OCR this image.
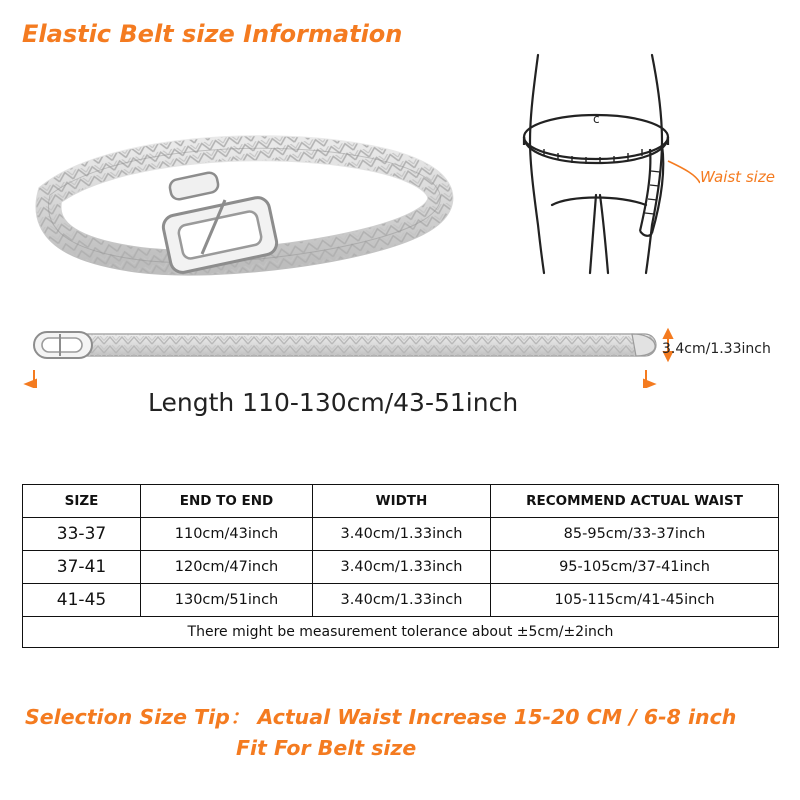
Elastic Belt size Information
c
Waist size
3.4cm/1.33inch
Length 110-130cm/43-51inch
SIZE	END TO END	WIDTH	RECOMMEND ACTUAL WAIST
33-37	110cm/43inch	3.40cm/1.33inch	85-95cm/33-37inch
37-41	120cm/47inch	3.40cm/1.33inch	95-105cm/37-41inch
41-45	130cm/51inch	3.40cm/1.33inch	105-115cm/41-45inch
There might be measurement tolerance about ±5cm/±2inch			
Selection Size Tip： Actual Waist Increase 15-20 CM / 6-8 inch
Fit For Belt size
